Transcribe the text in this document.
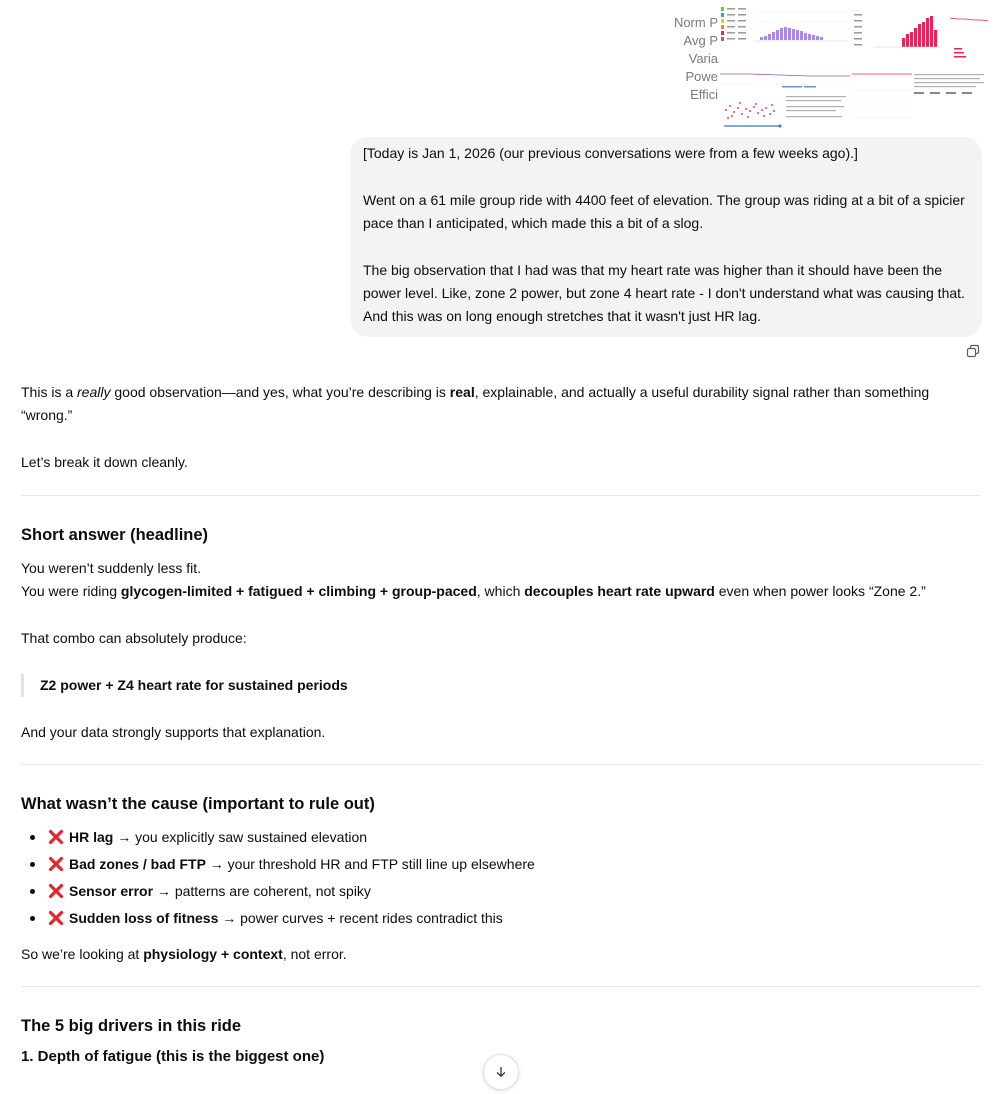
Norm P
Avg P
Varia
Powe
Effici

[Today is Jan 1, 2026 (our previous conversations were from a few weeks ago).]

Went on a 61 mile group ride with 4400 feet of elevation. The group was riding at a bit of a spicier pace than I anticipated, which made this a bit of a slog.

The big observation that I had was that my heart rate was higher than it should have been the power level. Like, zone 2 power, but zone 4 heart rate - I don't understand what was causing that. And this was on long enough stretches that it wasn't just HR lag.

This is a really good observation—and yes, what you’re describing is real, explainable, and actually a useful durability signal rather than something “wrong.”

Let’s break it down cleanly.

Short answer (headline)

You weren’t suddenly less fit.

You were riding glycogen-limited + fatigued + climbing + group-paced, which decouples heart rate upward even when power looks “Zone 2.”

That combo can absolutely produce:

Z2 power + Z4 heart rate for sustained periods

And your data strongly supports that explanation.

What wasn’t the cause (important to rule out)
HR lag → you explicitly saw sustained elevation
Bad zones / bad FTP → your threshold HR and FTP still line up elsewhere
Sensor error → patterns are coherent, not spiky
Sudden loss of fitness → power curves + recent rides contradict this

So we’re looking at physiology + context, not error.

The 5 big drivers in this ride
1. Depth of fatigue (this is the biggest one)
